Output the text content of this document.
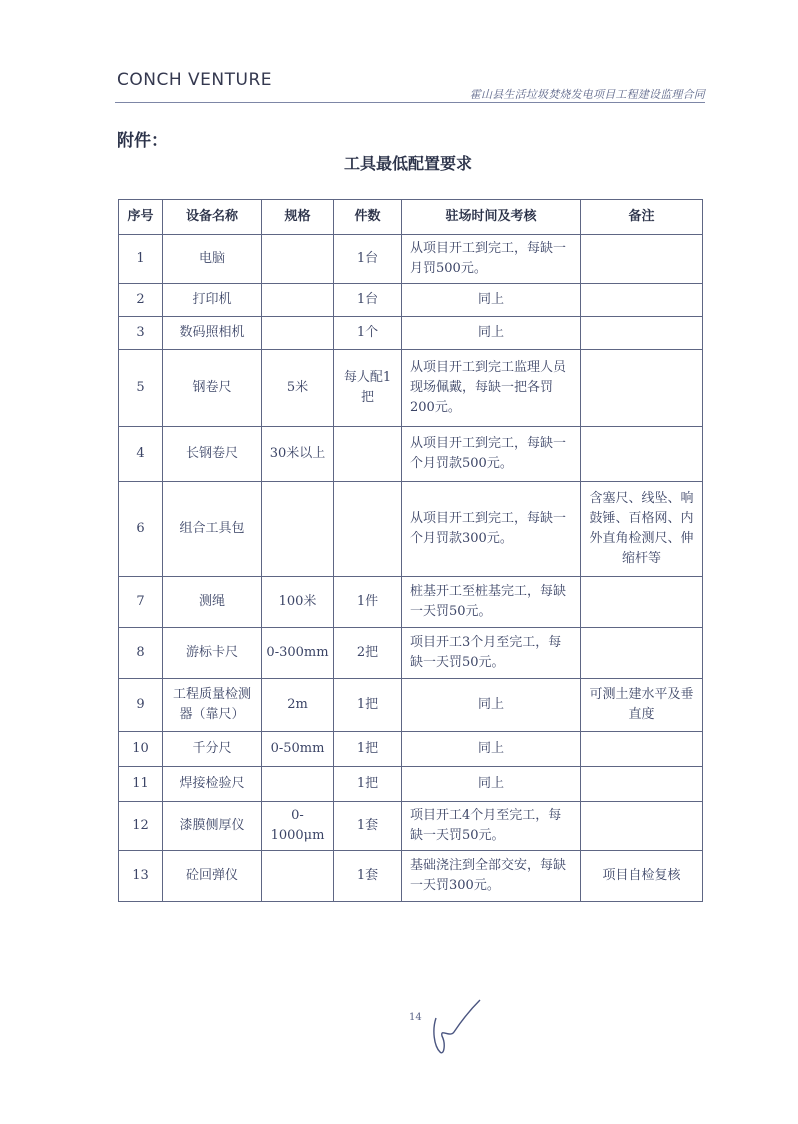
CONCH VENTURE
霍山县生活垃圾焚烧发电项目工程建设监理合同
附件：
工具最低配置要求
序号	设备名称	规格	件数	驻场时间及考核	备注
1	电脑		1台	从项目开工到完工，每缺一月罚500元。	
2	打印机		1台	同上	
3	数码照相机		1个	同上	
5	钢卷尺	5米	每人配1把	从项目开工到完工监理人员现场佩戴，每缺一把各罚200元。	
4	长钢卷尺	30米以上		从项目开工到完工，每缺一个月罚款500元。	
6	组合工具包			从项目开工到完工，每缺一个月罚款300元。	含塞尺、线坠、响鼓锤、百格网、内外直角检测尺、伸缩杆等
7	测绳	100米	1件	桩基开工至桩基完工，每缺一天罚50元。	
8	游标卡尺	0-300mm	2把	项目开工3个月至完工，每缺一天罚50元。	
9	工程质量检测器（靠尺）	2m	1把	同上	可测土建水平及垂直度
10	千分尺	0-50mm	1把	同上	
11	焊接检验尺		1把	同上	
12	漆膜侧厚仪	0-1000μm	1套	项目开工4个月至完工，每缺一天罚50元。	
13	砼回弹仪		1套	基础浇注到全部交安，每缺一天罚300元。	项目自检复核
14
